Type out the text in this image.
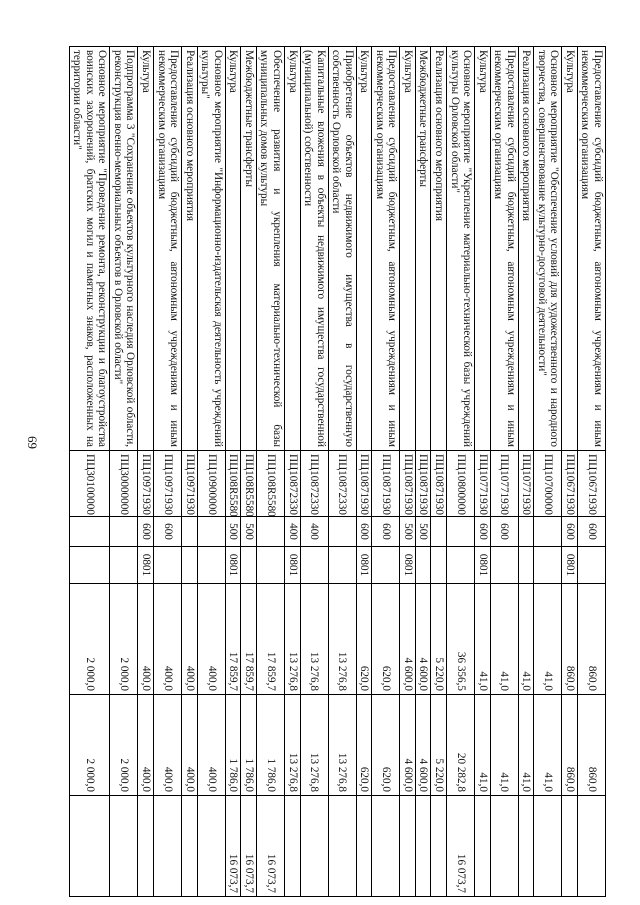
69	Предоставление субсидий бюджетным, автономным учреждениям и иным некоммерческим организациям	ПЦ10671930	600		860,0	860,0	
Культура	ПЦ10671930	600	0801	860,0	860,0	
Основное мероприятие "Обеспечение условий для художественного и народного творчества, совершенствование культурно-досуговой деятельности"	ПЦ10700000			41,0	41,0	
Реализация основного мероприятия	ПЦ10771930			41,0	41,0	
Предоставление субсидий бюджетным, автономным учреждениям и иным некоммерческим организациям	ПЦ10771930	600		41,0	41,0	
Культура	ПЦ10771930	600	0801	41,0	41,0	
Основное мероприятие "Укрепление материально-технической базы учреждений культуры Орловской области"	ПЦ10800000			36 356,5	20 282,8	16 073,7
Реализация основного мероприятия	ПЦ10871930			5 220,0	5 220,0	
Межбюджетные трансферты	ПЦ10871930	500		4 600,0	4 600,0	
Культура	ПЦ10871930	500	0801	4 600,0	4 600,0	
Предоставление субсидий бюджетным, автономным учреждениям и иным некоммерческим организациям	ПЦ10871930	600		620,0	620,0	
Культура	ПЦ10871930	600	0801	620,0	620,0	
Приобретение объектов недвижимого имущества в государственную собственность Орловской области	ПЦ10872330			13 276,8	13 276,8	
Капитальные вложения в объекты недвижимого имущества государственной (муниципальной) собственности	ПЦ10872330	400		13 276,8	13 276,8	
Культура	ПЦ10872330	400	0801	13 276,8	13 276,8	
Обеспечение развития и укрепления материально-технической базы муниципальных домов культуры	ПЦ108R5580			17 859,7	1 786,0	16 073,7
Межбюджетные трансферты	ПЦ108R5580	500		17 859,7	1 786,0	16 073,7
Культура	ПЦ108R5580	500	0801	17 859,7	1 786,0	16 073,7
Основное мероприятие "Информационно-издательская деятельность учреждений культуры"	ПЦ10900000			400,0	400,0	
Реализация основного мероприятия	ПЦ10971930			400,0	400,0	
Предоставление субсидий бюджетным, автономным учреждениям и иным некоммерческим организациям	ПЦ10971930	600		400,0	400,0	
Культура	ПЦ10971930	600	0801	400,0	400,0	
Подпрограмма 3 "Сохранение объектов культурного наследия Орловской области, реконструкция военно-мемориальных объектов в Орловской области"	ПЦ30000000			2 000,0	2 000,0	
Основное мероприятие "Проведение ремонта, реконструкции и благоустройства воинских захоронений, братских могил и памятных знаков, расположенных на территории области"	ПЦ30100000			2 000,0	2 000,0	
